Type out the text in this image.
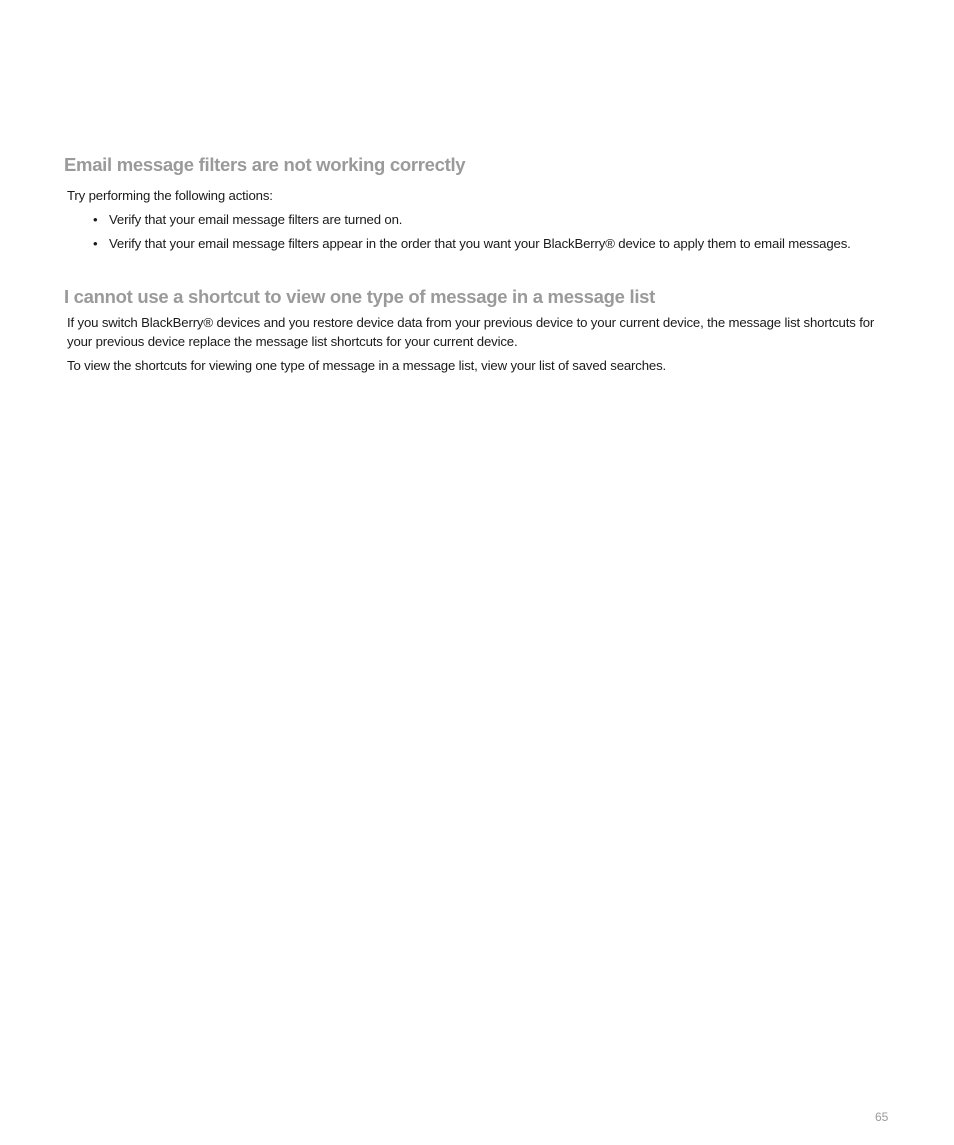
Email message filters are not working correctly

Try performing the following actions:

• Verify that your email message filters are turned on.
• Verify that your email message filters appear in the order that you want your BlackBerry® device to apply them to email messages.
I cannot use a shortcut to view one type of message in a message list

If you switch BlackBerry® devices and you restore device data from your previous device to your current device, the message list shortcuts for your previous device replace the message list shortcuts for your current device.

To view the shortcuts for viewing one type of message in a message list, view your list of saved searches.

65
